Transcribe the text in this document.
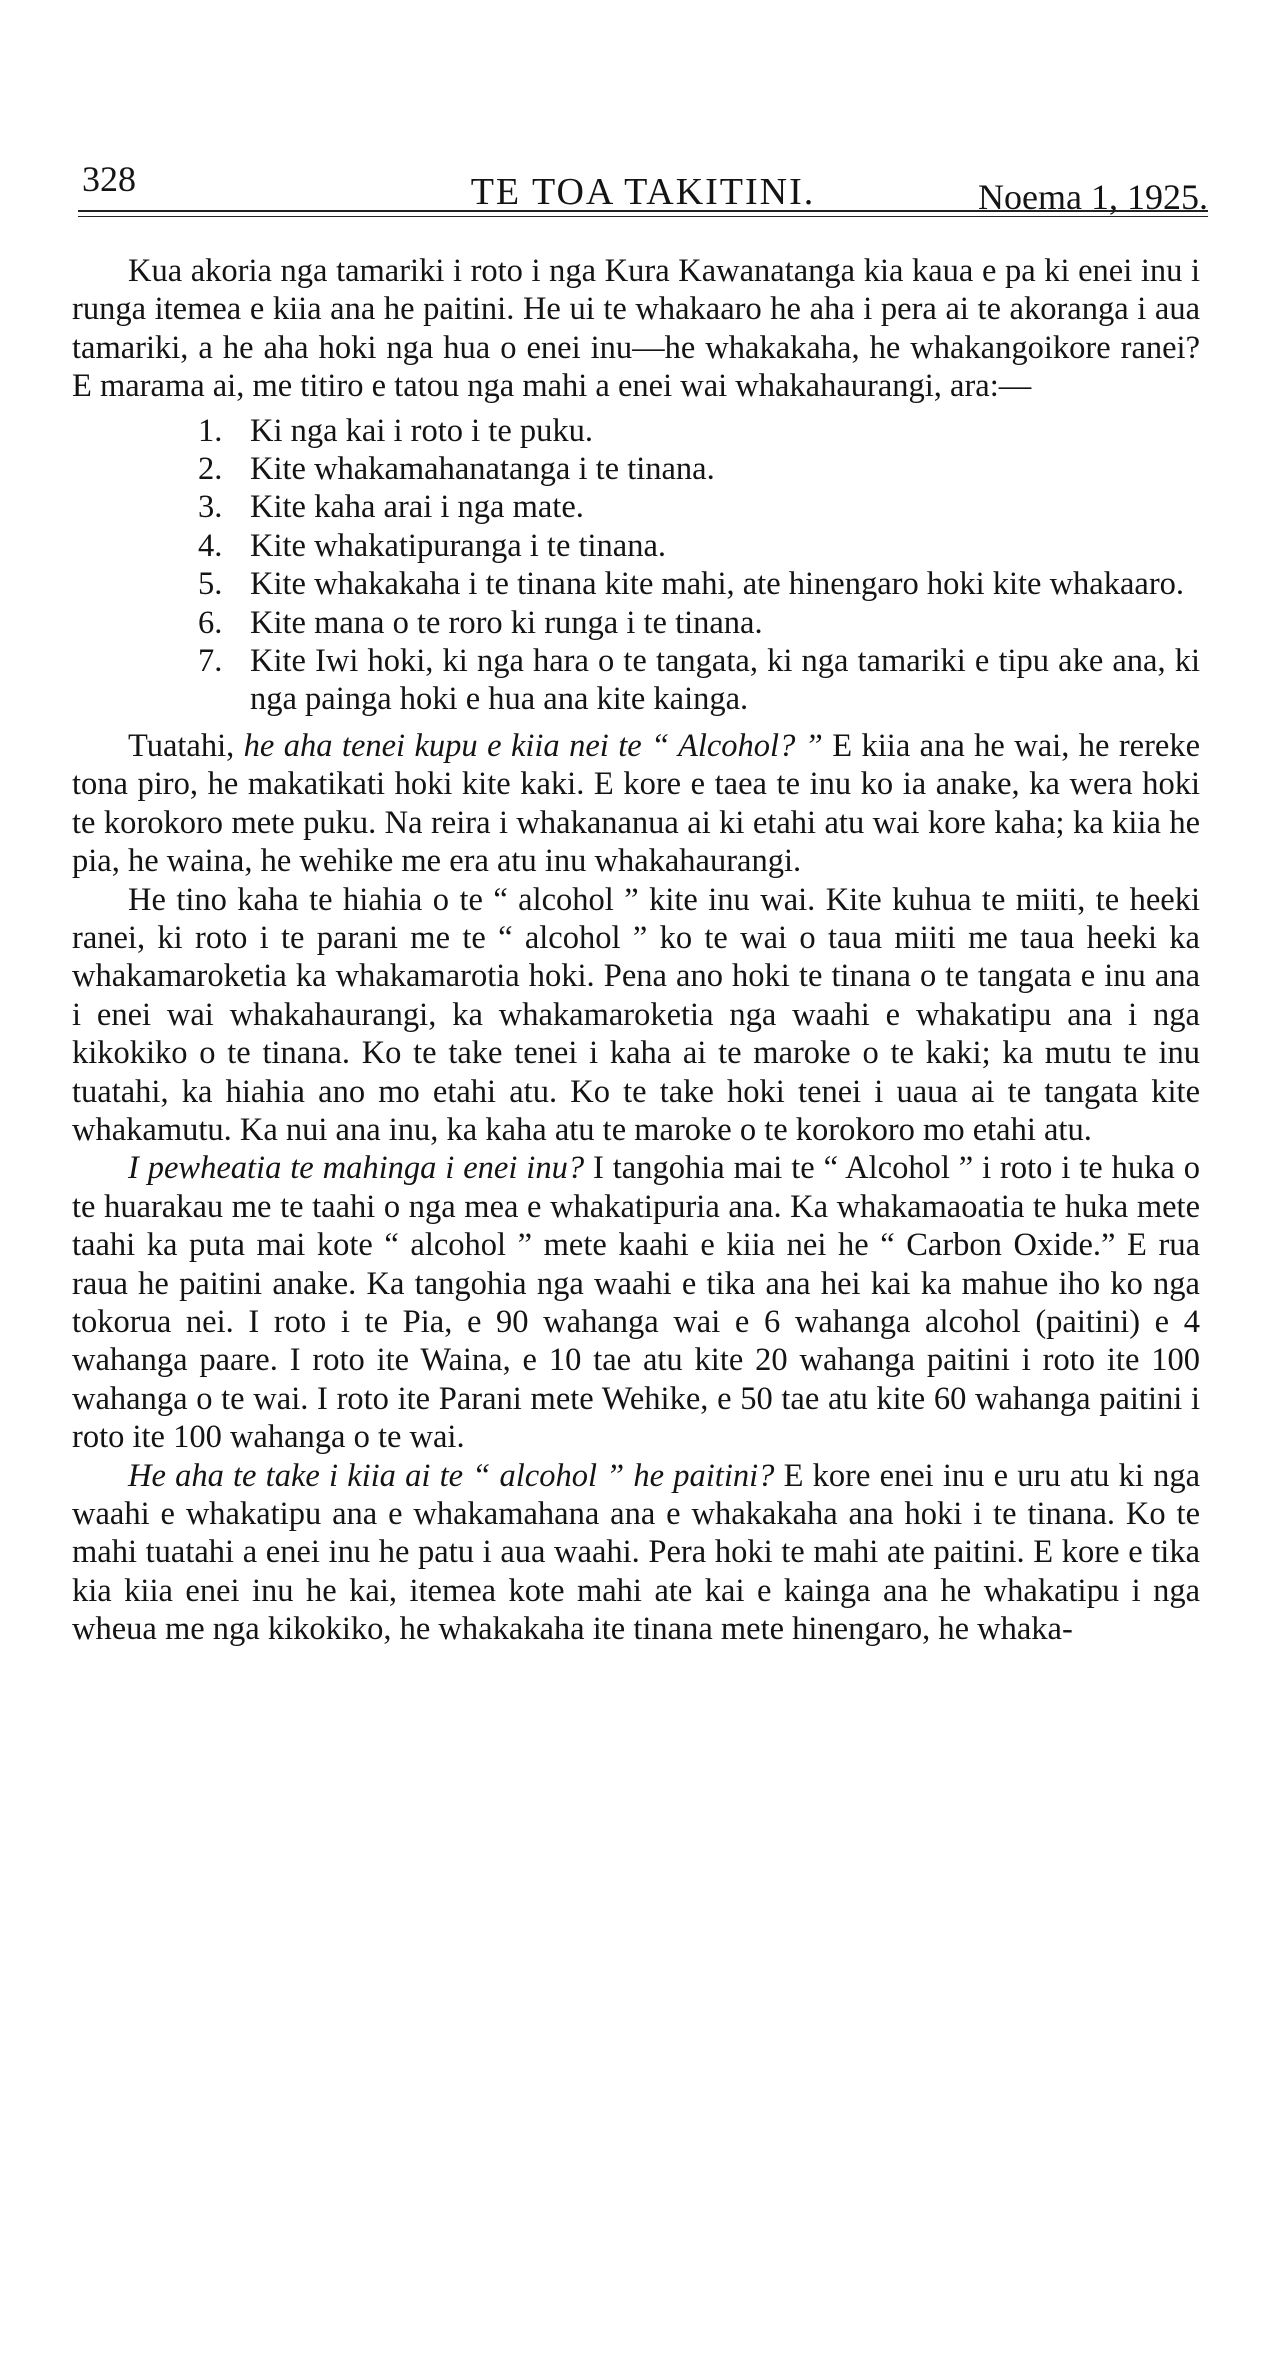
328	TE TOA TAKITINI.	Noema 1, 1925.

Kua akoria nga tamariki i roto i nga Kura Kawanatanga kia kaua e pa ki enei inu i runga itemea e kiia ana he paitini. He ui te whakaaro he aha i pera ai te akoranga i aua tamariki, a he aha hoki nga hua o enei inu—he whakakaha, he whakangoikore ranei? E marama ai, me titiro e tatou nga mahi a enei wai whakahaurangi, ara:—

1. Ki nga kai i roto i te puku.
2. Kite whakamahanatanga i te tinana.
3. Kite kaha arai i nga mate.
4. Kite whakatipuranga i te tinana.
5. Kite whakakaha i te tinana kite mahi, ate hinengaro hoki kite whakaaro.
6. Kite mana o te roro ki runga i te tinana.
7. Kite Iwi hoki, ki nga hara o te tangata, ki nga tamariki e tipu ake ana, ki nga painga hoki e hua ana kite kainga.

Tuatahi, he aha tenei kupu e kiia nei te “ Alcohol? ” E kiia ana he wai, he rereke tona piro, he makatikati hoki kite kaki. E kore e taea te inu ko ia anake, ka wera hoki te korokoro mete puku. Na reira i whakananua ai ki etahi atu wai kore kaha; ka kiia he pia, he waina, he wehike me era atu inu whakahaurangi.

He tino kaha te hiahia o te “ alcohol ” kite inu wai. Kite kuhua te miiti, te heeki ranei, ki roto i te parani me te “ alcohol ” ko te wai o taua miiti me taua heeki ka whakamaroketia ka whakamarotia hoki. Pena ano hoki te tinana o te tangata e inu ana i enei wai whakahaurangi, ka whakamaroketia nga waahi e whakatipu ana i nga kikokiko o te tinana. Ko te take tenei i kaha ai te maroke o te kaki; ka mutu te inu tuatahi, ka hiahia ano mo etahi atu. Ko te take hoki tenei i uaua ai te tangata kite whakamutu. Ka nui ana inu, ka kaha atu te maroke o te korokoro mo etahi atu.

I pewheatia te mahinga i enei inu? I tangohia mai te “ Alcohol ” i roto i te huka o te huarakau me te taahi o nga mea e whakatipuria ana. Ka whakamaoatia te huka mete taahi ka puta mai kote “ alcohol ” mete kaahi e kiia nei he “ Carbon Oxide.” E rua raua he paitini anake. Ka tangohia nga waahi e tika ana hei kai ka mahue iho ko nga tokorua nei. I roto i te Pia, e 90 wahanga wai e 6 wahanga alcohol (paitini) e 4 wahanga paare. I roto ite Waina, e 10 tae atu kite 20 wahanga paitini i roto ite 100 wahanga o te wai. I roto ite Parani mete Wehike, e 50 tae atu kite 60 wahanga paitini i roto ite 100 wahanga o te wai.

He aha te take i kiia ai te “ alcohol ” he paitini? E kore enei inu e uru atu ki nga waahi e whakatipu ana e whakamahana ana e whakakaha ana hoki i te tinana. Ko te mahi tuatahi a enei inu he patu i aua waahi. Pera hoki te mahi ate paitini. E kore e tika kia kiia enei inu he kai, itemea kote mahi ate kai e kainga ana he whakatipu i nga wheua me nga kikokiko, he whakakaha ite tinana mete hinengaro, he whaka-
